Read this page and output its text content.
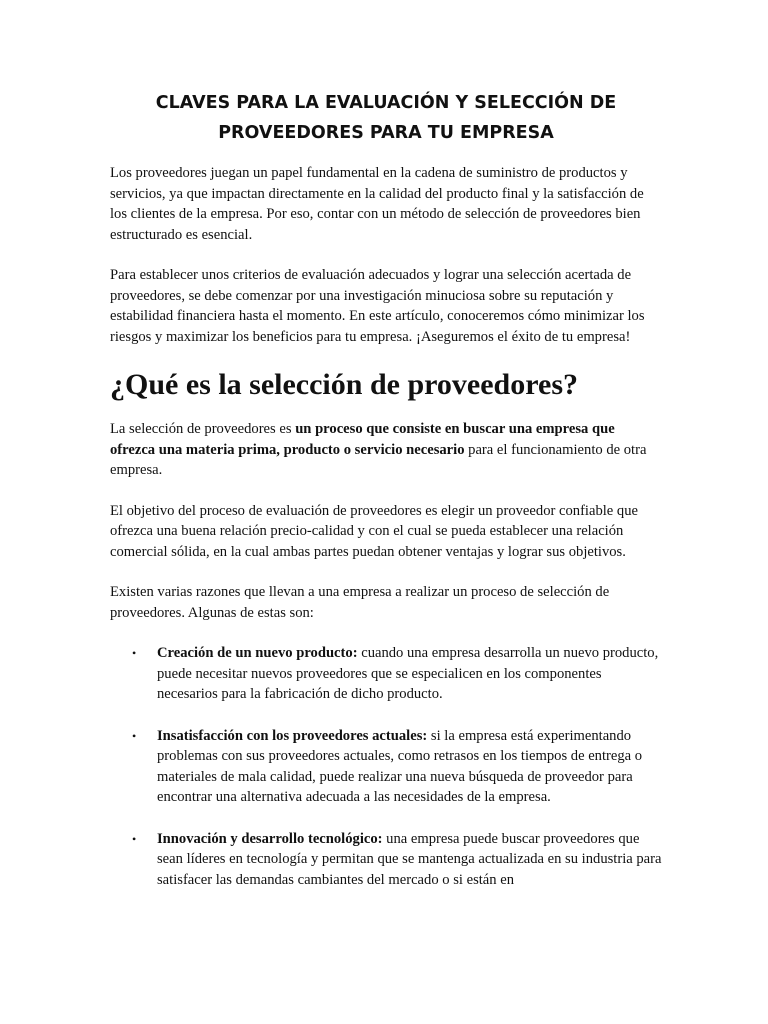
CLAVES PARA LA EVALUACIÓN Y SELECCIÓN DE PROVEEDORES PARA TU EMPRESA

Los proveedores juegan un papel fundamental en la cadena de suministro de productos y servicios, ya que impactan directamente en la calidad del producto final y la satisfacción de los clientes de la empresa. Por eso, contar con un método de selección de proveedores bien estructurado es esencial.

Para establecer unos criterios de evaluación adecuados y lograr una selección acertada de proveedores, se debe comenzar por una investigación minuciosa sobre su reputación y estabilidad financiera hasta el momento. En este artículo, conoceremos cómo minimizar los riesgos y maximizar los beneficios para tu empresa. ¡Aseguremos el éxito de tu empresa!

¿Qué es la selección de proveedores?

La selección de proveedores es un proceso que consiste en buscar una empresa que ofrezca una materia prima, producto o servicio necesario para el funcionamiento de otra empresa.

El objetivo del proceso de evaluación de proveedores es elegir un proveedor confiable que ofrezca una buena relación precio-calidad y con el cual se pueda establecer una relación comercial sólida, en la cual ambas partes puedan obtener ventajas y lograr sus objetivos.

Existen varias razones que llevan a una empresa a realizar un proceso de selección de proveedores. Algunas de estas son:

• Creación de un nuevo producto: cuando una empresa desarrolla un nuevo producto, puede necesitar nuevos proveedores que se especialicen en los componentes necesarios para la fabricación de dicho producto.
• Insatisfacción con los proveedores actuales: si la empresa está experimentando problemas con sus proveedores actuales, como retrasos en los tiempos de entrega o materiales de mala calidad, puede realizar una nueva búsqueda de proveedor para encontrar una alternativa adecuada a las necesidades de la empresa.
• Innovación y desarrollo tecnológico: una empresa puede buscar proveedores que sean líderes en tecnología y permitan que se mantenga actualizada en su industria para satisfacer las demandas cambiantes del mercado o si están en
